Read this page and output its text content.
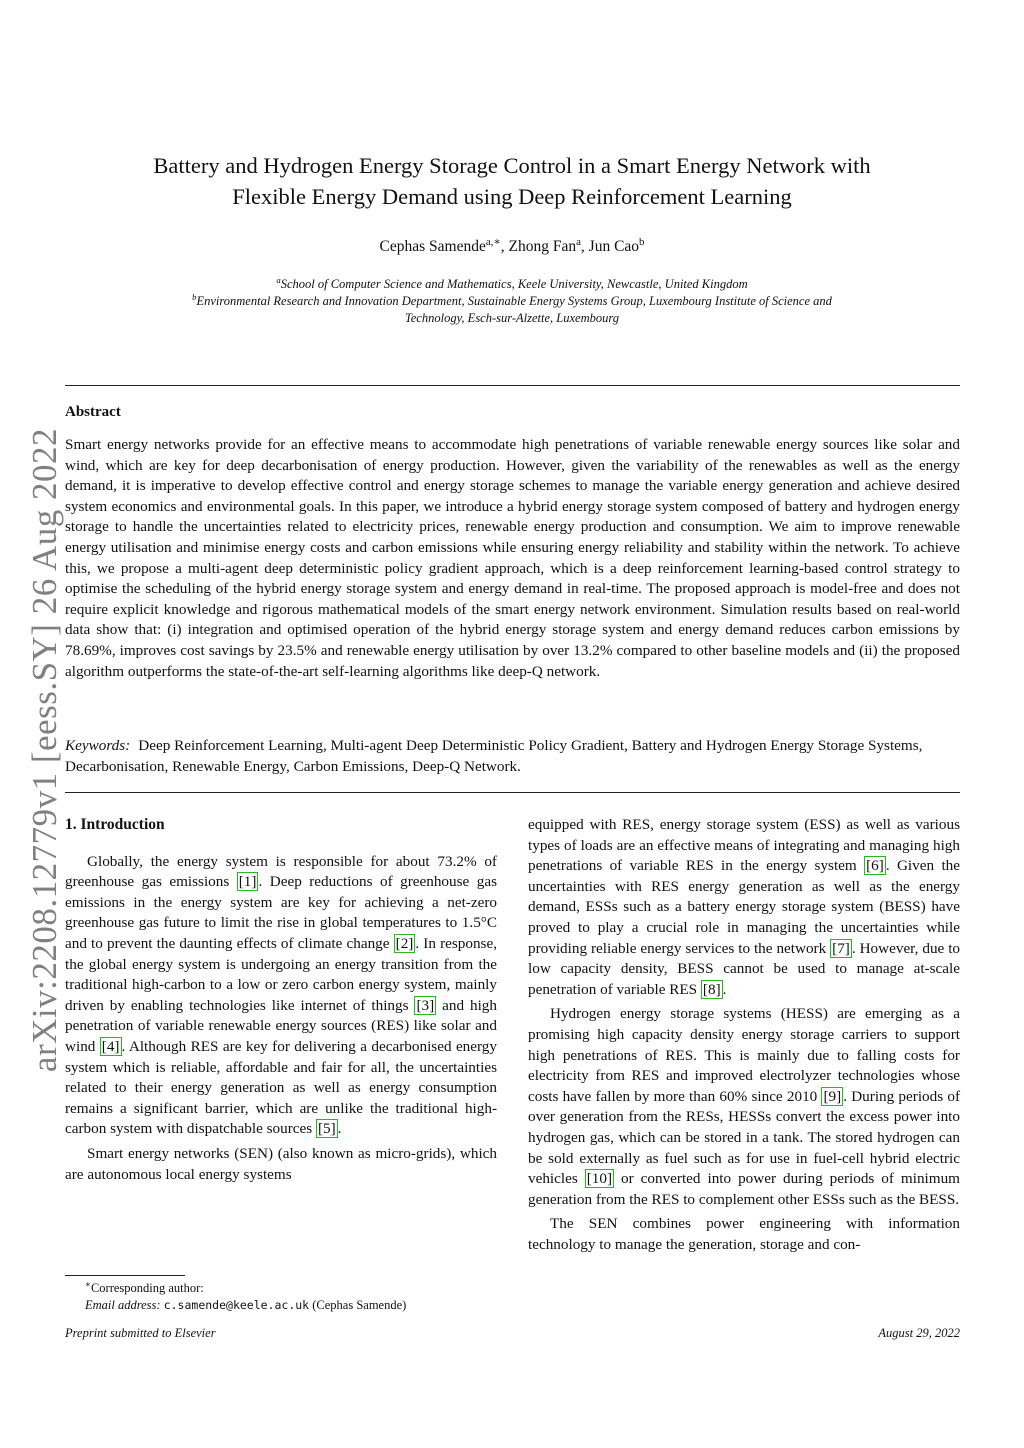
arXiv:2208.12779v1 [eess.SY] 26 Aug 2022
Battery and Hydrogen Energy Storage Control in a Smart Energy Network with
Flexible Energy Demand using Deep Reinforcement Learning
Cephas Samende$^{a,∗}$, Zhong Fan$^a$, Jun Cao$^b$
$^a$School of Computer Science and Mathematics, Keele University, Newcastle, United Kingdom
$^b$Environmental Research and Innovation Department, Sustainable Energy Systems Group, Luxembourg Institute of Science and
Technology, Esch-sur-Alzette, Luxembourg
Abstract

Smart energy networks provide for an effective means to accommodate high penetrations of variable renewable energy sources like solar and wind, which are key for deep decarbonisation of energy production. However, given the variability of the renewables as well as the energy demand, it is imperative to develop effective control and energy storage schemes to manage the variable energy generation and achieve desired system economics and environmental goals. In this paper, we introduce a hybrid energy storage system composed of battery and hydrogen energy storage to handle the uncertainties related to electricity prices, renewable energy production and consumption. We aim to improve renewable energy utilisation and minimise energy costs and carbon emissions while ensuring energy reliability and stability within the network. To achieve this, we propose a multi-agent deep deterministic policy gradient approach, which is a deep reinforcement learning-based control strategy to optimise the scheduling of the hybrid energy storage system and energy demand in real-time. The proposed approach is model-free and does not require explicit knowledge and rigorous mathematical models of the smart energy network environment. Simulation results based on real-world data show that: (i) integration and optimised operation of the hybrid energy storage system and energy demand reduces carbon emissions by 78.69%, improves cost savings by 23.5% and renewable energy utilisation by over 13.2% compared to other baseline models and (ii) the proposed algorithm outperforms the state-of-the-art self-learning algorithms like deep-Q network.

Keywords: Deep Reinforcement Learning, Multi-agent Deep Deterministic Policy Gradient, Battery and Hydrogen Energy Storage Systems, Decarbonisation, Renewable Energy, Carbon Emissions, Deep-Q Network.

1. Introduction

Globally, the energy system is responsible for about 73.2% of greenhouse gas emissions [1] . Deep reductions of greenhouse gas emissions in the energy system are key for achieving a net-zero greenhouse gas future to limit the rise in global temperatures to 1.5°C and to prevent the daunting effects of climate change [2] . In response, the global energy system is undergoing an energy transition from the traditional high-carbon to a low or zero carbon energy system, mainly driven by enabling technologies like internet of things [3] and high penetration of variable renewable energy sources (RES) like solar and wind [4] . Although RES are key for delivering a decarbonised energy system which is reliable, affordable and fair for all, the uncertainties related to their energy generation as well as energy consumption remains a significant barrier, which are unlike the traditional high-carbon system with dispatchable sources [5] .

Smart energy networks (SEN) (also known as micro-grids), which are autonomous local energy systems

equipped with RES, energy storage system (ESS) as well as various types of loads are an effective means of integrating and managing high penetrations of variable RES in the energy system [6] . Given the uncertainties with RES energy generation as well as the energy demand, ESSs such as a battery energy storage system (BESS) have proved to play a crucial role in managing the uncertainties while providing reliable energy services to the network [7] . However, due to low capacity density, BESS cannot be used to manage at-scale penetration of variable RES [8] .

Hydrogen energy storage systems (HESS) are emerging as a promising high capacity density energy storage carriers to support high penetrations of RES. This is mainly due to falling costs for electricity from RES and improved electrolyzer technologies whose costs have fallen by more than 60% since 2010 [9] . During periods of over generation from the RESs, HESSs convert the excess power into hydrogen gas, which can be stored in a tank. The stored hydrogen can be sold externally as fuel such as for use in fuel-cell hybrid electric vehicles [10] or converted into power during periods of minimum generation from the RES to complement other ESSs such as the BESS.

The SEN combines power engineering with information technology to manage the generation, storage and con-

∗Corresponding author:
Email address: c.samende@keele.ac.uk (Cephas Samende)
Preprint submitted to Elsevier	August 29, 2022
